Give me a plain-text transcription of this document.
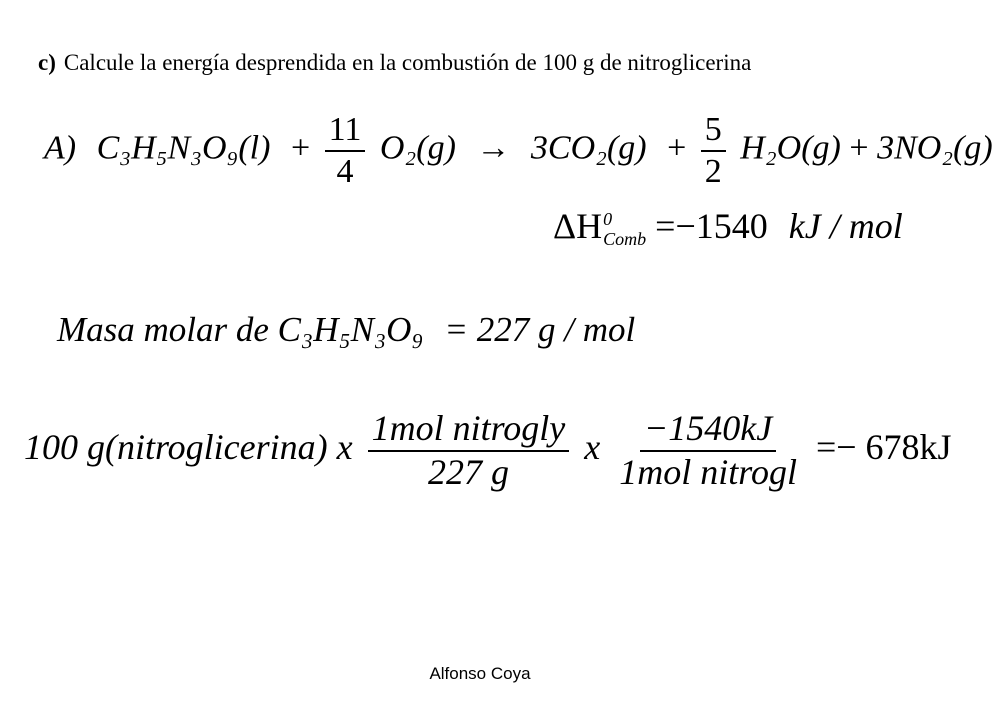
c) Calcule la energía desprendida en la combustión de 100 g de nitroglicerina
A) $C_3H_5N_3O_9(l) + \frac{11}{4} O_2(g) \to 3CO_2(g) + \frac{5}{2} H_2O(g) + 3NO_2(g)$
ΔH 0
Comb =−1540 kJ / mol
Masa molar de C₃H₅N₃O₉ = 227 g / mol
100 g(nitroglicerina) x $\frac{\text{1mol nitrogly}}{227 g}$ x $\frac{-1540kJ}{\text{1mol nitrogl}} =- 678kJ$
Alfonso Coya
